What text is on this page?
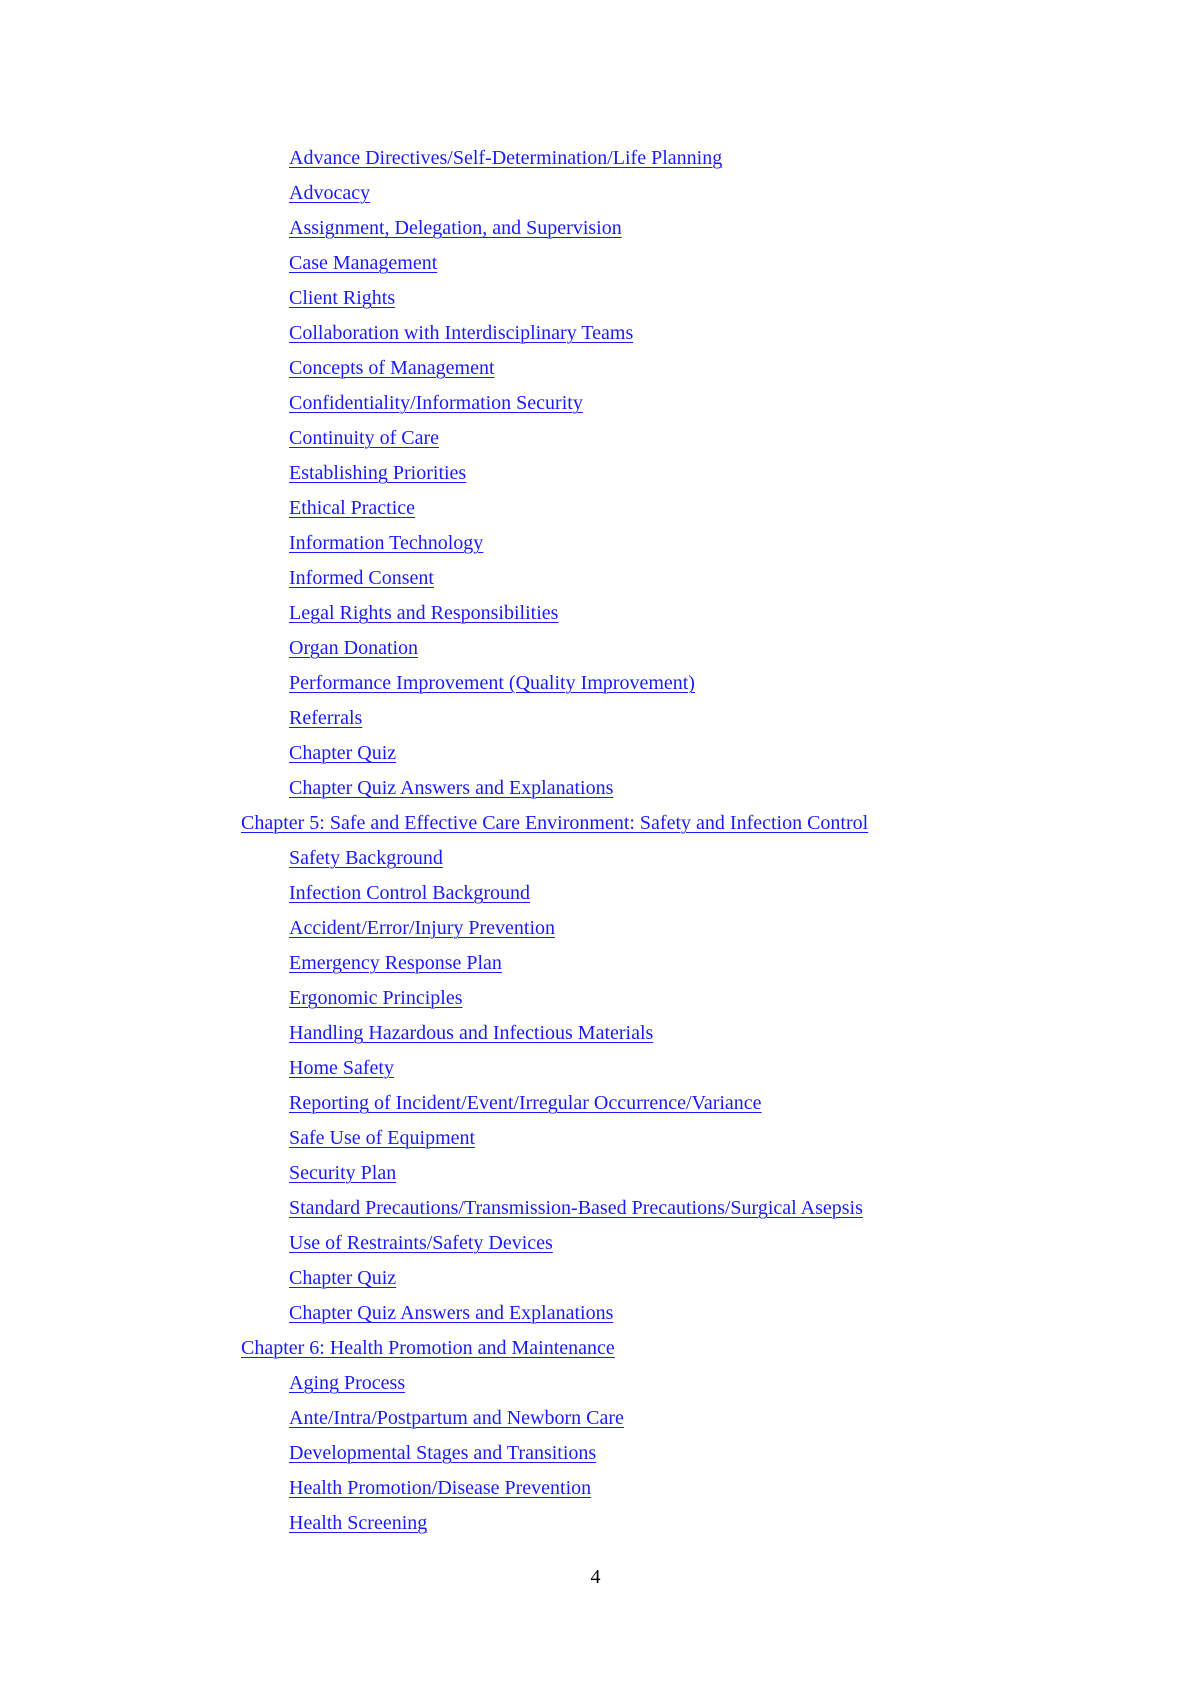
Advance Directives/Self-Determination/Life Planning
Advocacy
Assignment, Delegation, and Supervision
Case Management
Client Rights
Collaboration with Interdisciplinary Teams
Concepts of Management
Confidentiality/Information Security
Continuity of Care
Establishing Priorities
Ethical Practice
Information Technology
Informed Consent
Legal Rights and Responsibilities
Organ Donation
Performance Improvement (Quality Improvement)
Referrals
Chapter Quiz
Chapter Quiz Answers and Explanations
Chapter 5: Safe and Effective Care Environment: Safety and Infection Control
Safety Background
Infection Control Background
Accident/Error/Injury Prevention
Emergency Response Plan
Ergonomic Principles
Handling Hazardous and Infectious Materials
Home Safety
Reporting of Incident/Event/Irregular Occurrence/Variance
Safe Use of Equipment
Security Plan
Standard Precautions/Transmission-Based Precautions/Surgical Asepsis
Use of Restraints/Safety Devices
Chapter Quiz
Chapter Quiz Answers and Explanations
Chapter 6: Health Promotion and Maintenance
Aging Process
Ante/Intra/Postpartum and Newborn Care
Developmental Stages and Transitions
Health Promotion/Disease Prevention
Health Screening
4
